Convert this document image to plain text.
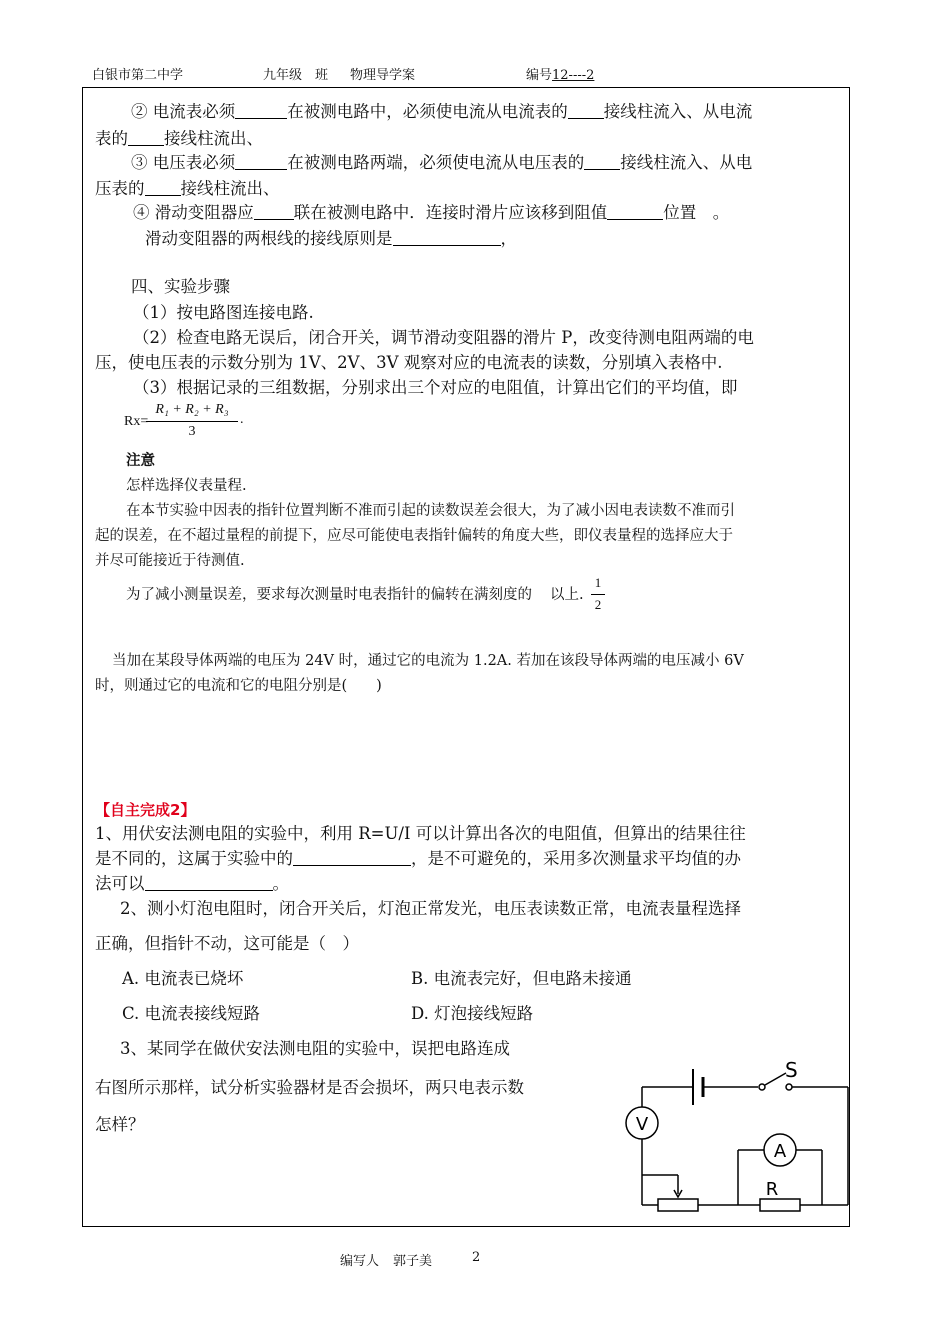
白银市第二中学	九年级　班 物理导学案	编号12----2
② 电流表必须	在被测电路中，必须使电流从电流表的 接线柱流入、从电流
表的 接线柱流出、
③ 电压表必须	在被测电路两端，必须使电流从电压表的 接线柱流入、从电
压表的 接线柱流出、
④ 滑动变阻器应 联在被测电路中．连接时滑片应该移到阻值	位置　。
滑动变阻器的两根线的接线原则是	，
四、实验步骤
（1）按电路图连接电路.
（2）检查电路无误后，闭合开关，调节滑动变阻器的滑片 P，改变待测电阻两端的电
压，使电压表的示数分别为 1V、2V、3V 观察对应的电流表的读数，分别填入表格中.
（3）根据记录的三组数据，分别求出三个对应的电阻值，计算出它们的平均值，即
Rx=
R₁ + R₂ + R₃
3
.
注意
怎样选择仪表量程.
在本节实验中因表的指针位置判断不准而引起的读数误差会很大，为了减小因电表读数不准而引
起的误差，在不超过量程的前提下，应尽可能使电表指针偏转的角度大些，即仪表量程的选择应大于
并尽可能接近于待测值.
为了减小测量误差，要求每次测量时电表指针的偏转在满刻度的 以上.
1
2
当加在某段导体两端的电压为 24V 时，通过它的电流为 1.2A. 若加在该段导体两端的电压减小 6V
时，则通过它的电流和它的电阻分别是(　　)
【自主完成2】
1、用伏安法测电阻的实验中，利用 R=U/I 可以计算出各次的电阻值，但算出的结果往往
是不同的，这属于实验中的	，是不可避免的，采用多次测量求平均值的办
法可以	。
2、测小灯泡电阻时，闭合开关后，灯泡正常发光，电压表读数正常，电流表量程选择
正确，但指针不动，这可能是（　）
A. 电流表已烧坏	B. 电流表完好，但电路未接通
C. 电流表接线短路	D. 灯泡接线短路
3、某同学在做伏安法测电阻的实验中，误把电路连成
右图所示那样，试分析实验器材是否会损坏，两只电表示数
怎样？
S
V
A
R
编写人 郭子美	2
